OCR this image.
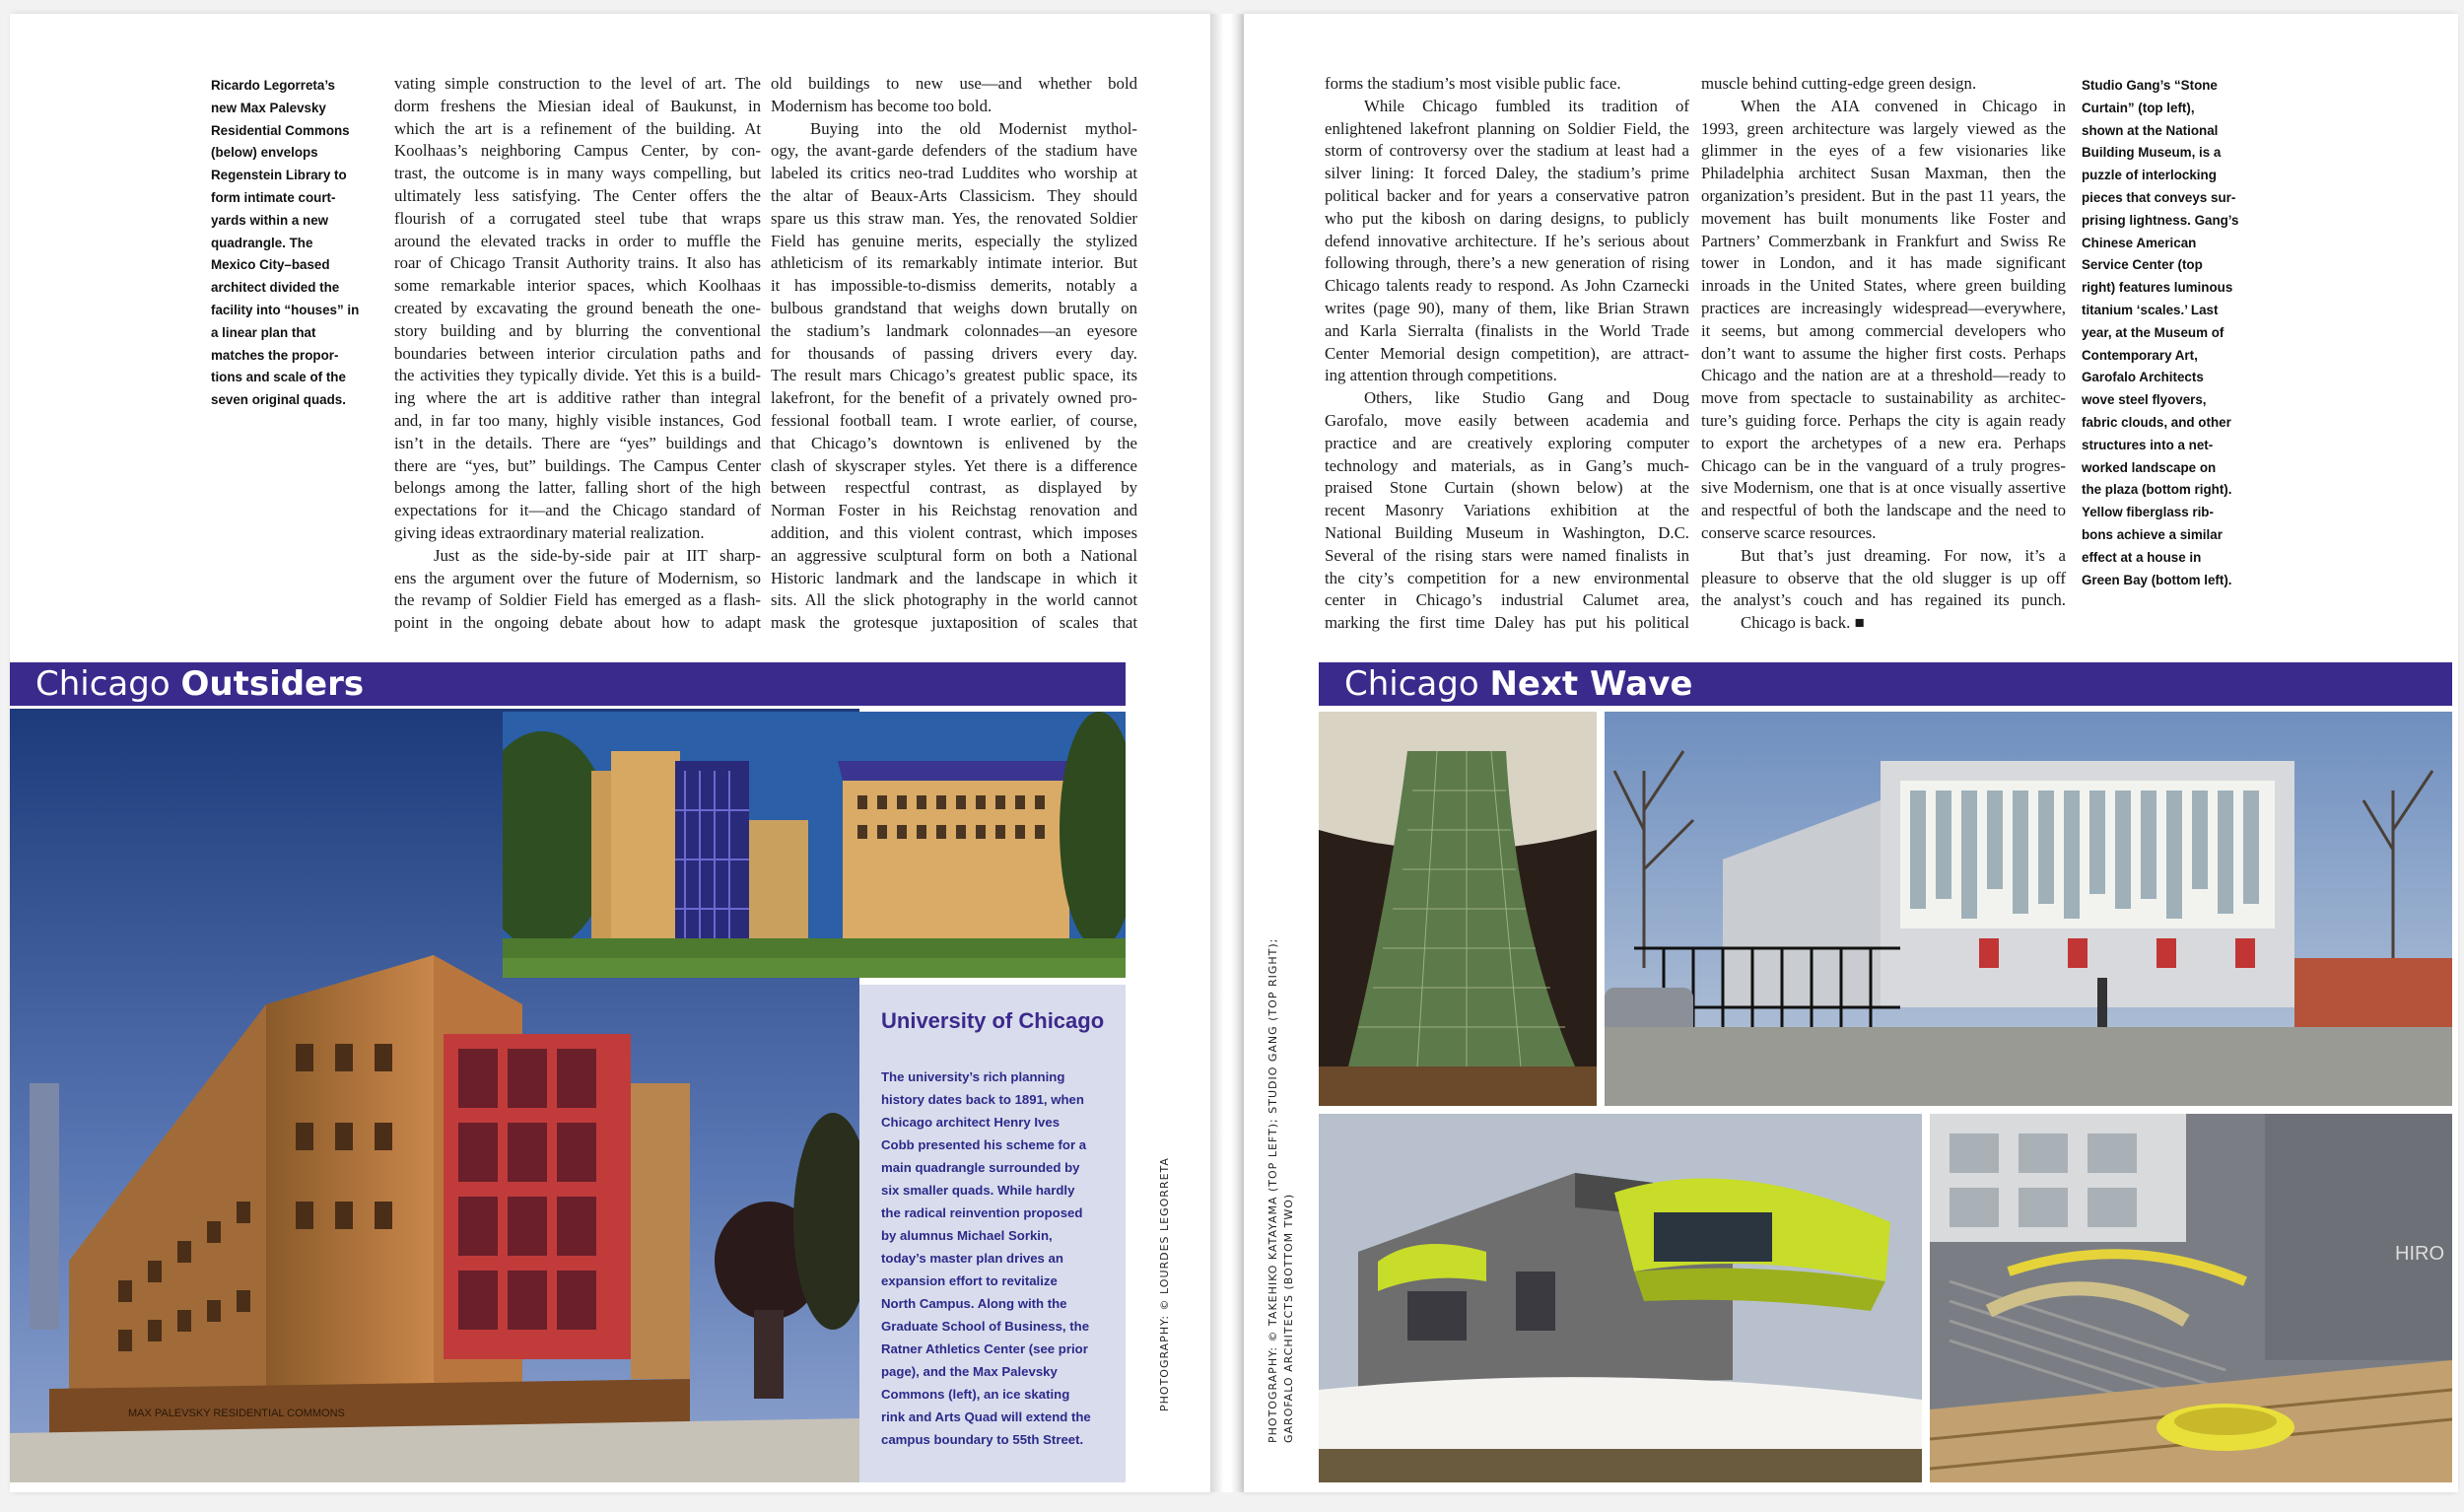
Ricardo Legorreta’s

new Max Palevsky

Residential Commons

(below) envelops

Regenstein Library to

form intimate court-

yards within a new

quadrangle. The

Mexico City–based

architect divided the

facility into “houses” in

a linear plan that

matches the propor-

tions and scale of the

seven original quads.

vating simple construction to the level of art. The

dorm freshens the Miesian ideal of Baukunst, in

which the art is a refinement of the building. At

Koolhaas’s neighboring Campus Center, by con-

trast, the outcome is in many ways compelling, but

ultimately less satisfying. The Center offers the

flourish of a corrugated steel tube that wraps

around the elevated tracks in order to muffle the

roar of Chicago Transit Authority trains. It also has

some remarkable interior spaces, which Koolhaas

created by excavating the ground beneath the one-

story building and by blurring the conventional

boundaries between interior circulation paths and

the activities they typically divide. Yet this is a build-

ing where the art is additive rather than integral

and, in far too many, highly visible instances, God

isn’t in the details. There are “yes” buildings and

there are “yes, but” buildings. The Campus Center

belongs among the latter, falling short of the high

expectations for it—and the Chicago standard of

giving ideas extraordinary material realization.

Just as the side-by-side pair at IIT sharp-

ens the argument over the future of Modernism, so

the revamp of Soldier Field has emerged as a flash-

point in the ongoing debate about how to adapt

old buildings to new use—and whether bold

Modernism has become too bold.

Buying into the old Modernist mythol-

ogy, the avant-garde defenders of the stadium have

labeled its critics neo-trad Luddites who worship at

the altar of Beaux-Arts Classicism. They should

spare us this straw man. Yes, the renovated Soldier

Field has genuine merits, especially the stylized

athleticism of its remarkably intimate interior. But

it has impossible-to-dismiss demerits, notably a

bulbous grandstand that weighs down brutally on

the stadium’s landmark colonnades—an eyesore

for thousands of passing drivers every day.

The result mars Chicago’s greatest public space, its

lakefront, for the benefit of a privately owned pro-

fessional football team. I wrote earlier, of course,

that Chicago’s downtown is enlivened by the

clash of skyscraper styles. Yet there is a difference

between respectful contrast, as displayed by

Norman Foster in his Reichstag renovation and

addition, and this violent contrast, which imposes

an aggressive sculptural form on both a National

Historic landmark and the landscape in which it

sits. All the slick photography in the world cannot

mask the grotesque juxtaposition of scales that

Chicago Outsiders
MAX PALEVSKY RESIDENTIAL COMMONS
University of Chicago

The university’s rich planning

history dates back to 1891, when

Chicago architect Henry Ives

Cobb presented his scheme for a

main quadrangle surrounded by

six smaller quads. While hardly

the radical reinvention proposed

by alumnus Michael Sorkin,

today’s master plan drives an

expansion effort to revitalize

North Campus. Along with the

Graduate School of Business, the

Ratner Athletics Center (see prior

page), and the Max Palevsky

Commons (left), an ice skating

rink and Arts Quad will extend the

campus boundary to 55th Street.

PHOTOGRAPHY: © LOURDES LEGORRETA

forms the stadium’s most visible public face.

While Chicago fumbled its tradition of

enlightened lakefront planning on Soldier Field, the

storm of controversy over the stadium at least had a

silver lining: It forced Daley, the stadium’s prime

political backer and for years a conservative patron

who put the kibosh on daring designs, to publicly

defend innovative architecture. If he’s serious about

following through, there’s a new generation of rising

Chicago talents ready to respond. As John Czarnecki

writes (page 90), many of them, like Brian Strawn

and Karla Sierralta (finalists in the World Trade

Center Memorial design competition), are attract-

ing attention through competitions.

Others, like Studio Gang and Doug

Garofalo, move easily between academia and

practice and are creatively exploring computer

technology and materials, as in Gang’s much-

praised Stone Curtain (shown below) at the

recent Masonry Variations exhibition at the

National Building Museum in Washington, D.C.

Several of the rising stars were named finalists in

the city’s competition for a new environmental

center in Chicago’s industrial Calumet area,

marking the first time Daley has put his political

muscle behind cutting-edge green design.

When the AIA convened in Chicago in

1993, green architecture was largely viewed as the

glimmer in the eyes of a few visionaries like

Philadelphia architect Susan Maxman, then the

organization’s president. But in the past 11 years, the

movement has built monuments like Foster and

Partners’ Commerzbank in Frankfurt and Swiss Re

tower in London, and it has made significant

inroads in the United States, where green building

practices are increasingly widespread—everywhere,

it seems, but among commercial developers who

don’t want to assume the higher first costs. Perhaps

Chicago and the nation are at a threshold—ready to

move from spectacle to sustainability as architec-

ture’s guiding force. Perhaps the city is again ready

to export the archetypes of a new era. Perhaps

Chicago can be in the vanguard of a truly progres-

sive Modernism, one that is at once visually assertive

and respectful of both the landscape and the need to

conserve scarce resources.

But that’s just dreaming. For now, it’s a

pleasure to observe that the old slugger is up off

the analyst’s couch and has regained its punch.

Chicago is back. ■

Studio Gang’s “Stone

Curtain” (top left),

shown at the National

Building Museum, is a

puzzle of interlocking

pieces that conveys sur-

prising lightness. Gang’s

Chinese American

Service Center (top

right) features luminous

titanium ‘scales.’ Last

year, at the Museum of

Contemporary Art,

Garofalo Architects

wove steel flyovers,

fabric clouds, and other

structures into a net-

worked landscape on

the plaza (bottom right).

Yellow fiberglass rib-

bons achieve a similar

effect at a house in

Green Bay (bottom left).

PHOTOGRAPHY: © TAKEHIKO KATAYAMA (TOP LEFT); STUDIO GANG (TOP RIGHT); GAROFALO ARCHITECTS (BOTTOM TWO)

Chicago Next Wave
HIRO
